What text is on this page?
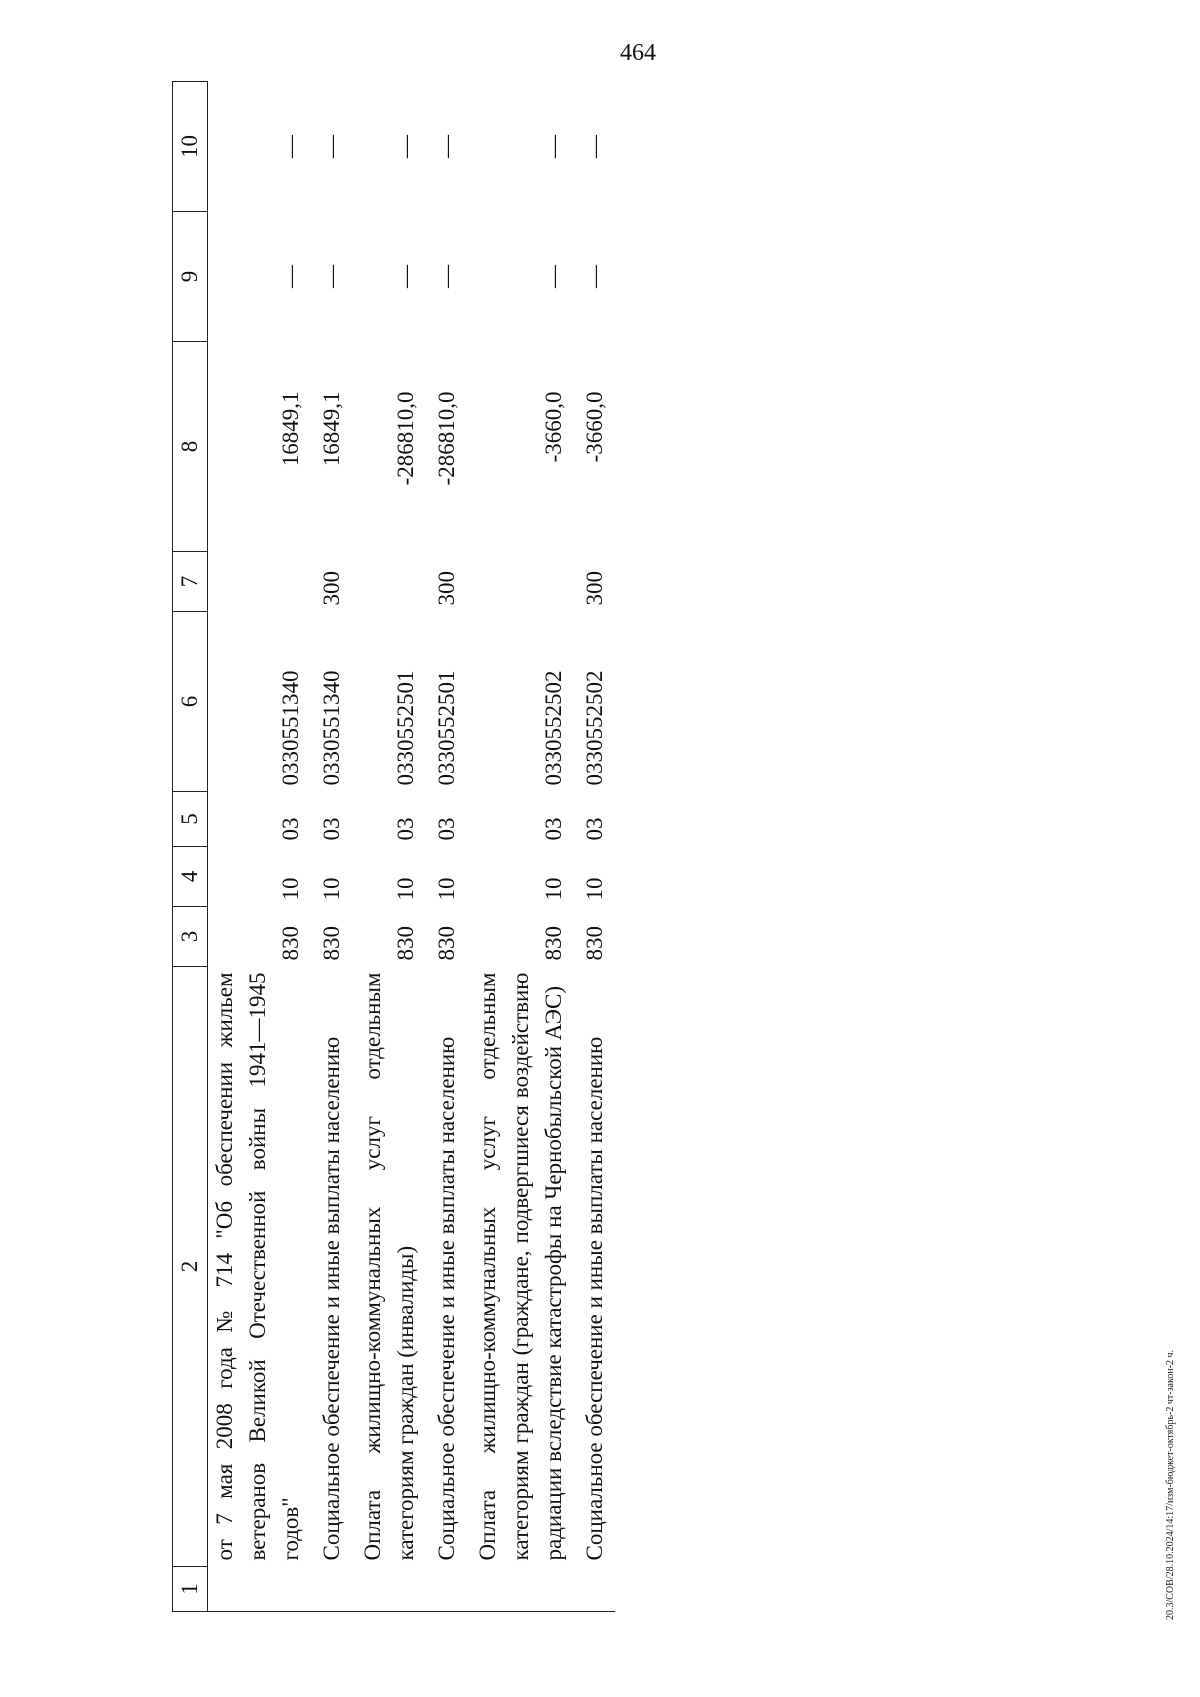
464
20.3/СОВ/28.10.2024/14:17/изм-бюджет-октябрь-2 чт-закон-2 ч.
1	2	3	4	5	6	7	8	9	10
	от 7 мая 2008 года № 714 "Об обеспечении жильем ветеранов Великой Отечественной войны 1941—1945 годов"	830	10	03	0330551340		16849,1	—	—
	Социальное обеспечение и иные выплаты населению	830	10	03	0330551340	300	16849,1	—	—
	Оплата жилищно-коммунальных услуг отдельным категориям граждан (инвалиды)	830	10	03	0330552501		-286810,0	—	—
	Социальное обеспечение и иные выплаты населению	830	10	03	0330552501	300	-286810,0	—	—
	Оплата жилищно-коммунальных услуг отдельным категориям граждан (граждане, подвергшиеся воздействию радиации вследствие катастрофы на Чернобыльской АЭС)	830	10	03	0330552502		-3660,0	—	—
	Социальное обеспечение и иные выплаты населению	830	10	03	0330552502	300	-3660,0	—	—
